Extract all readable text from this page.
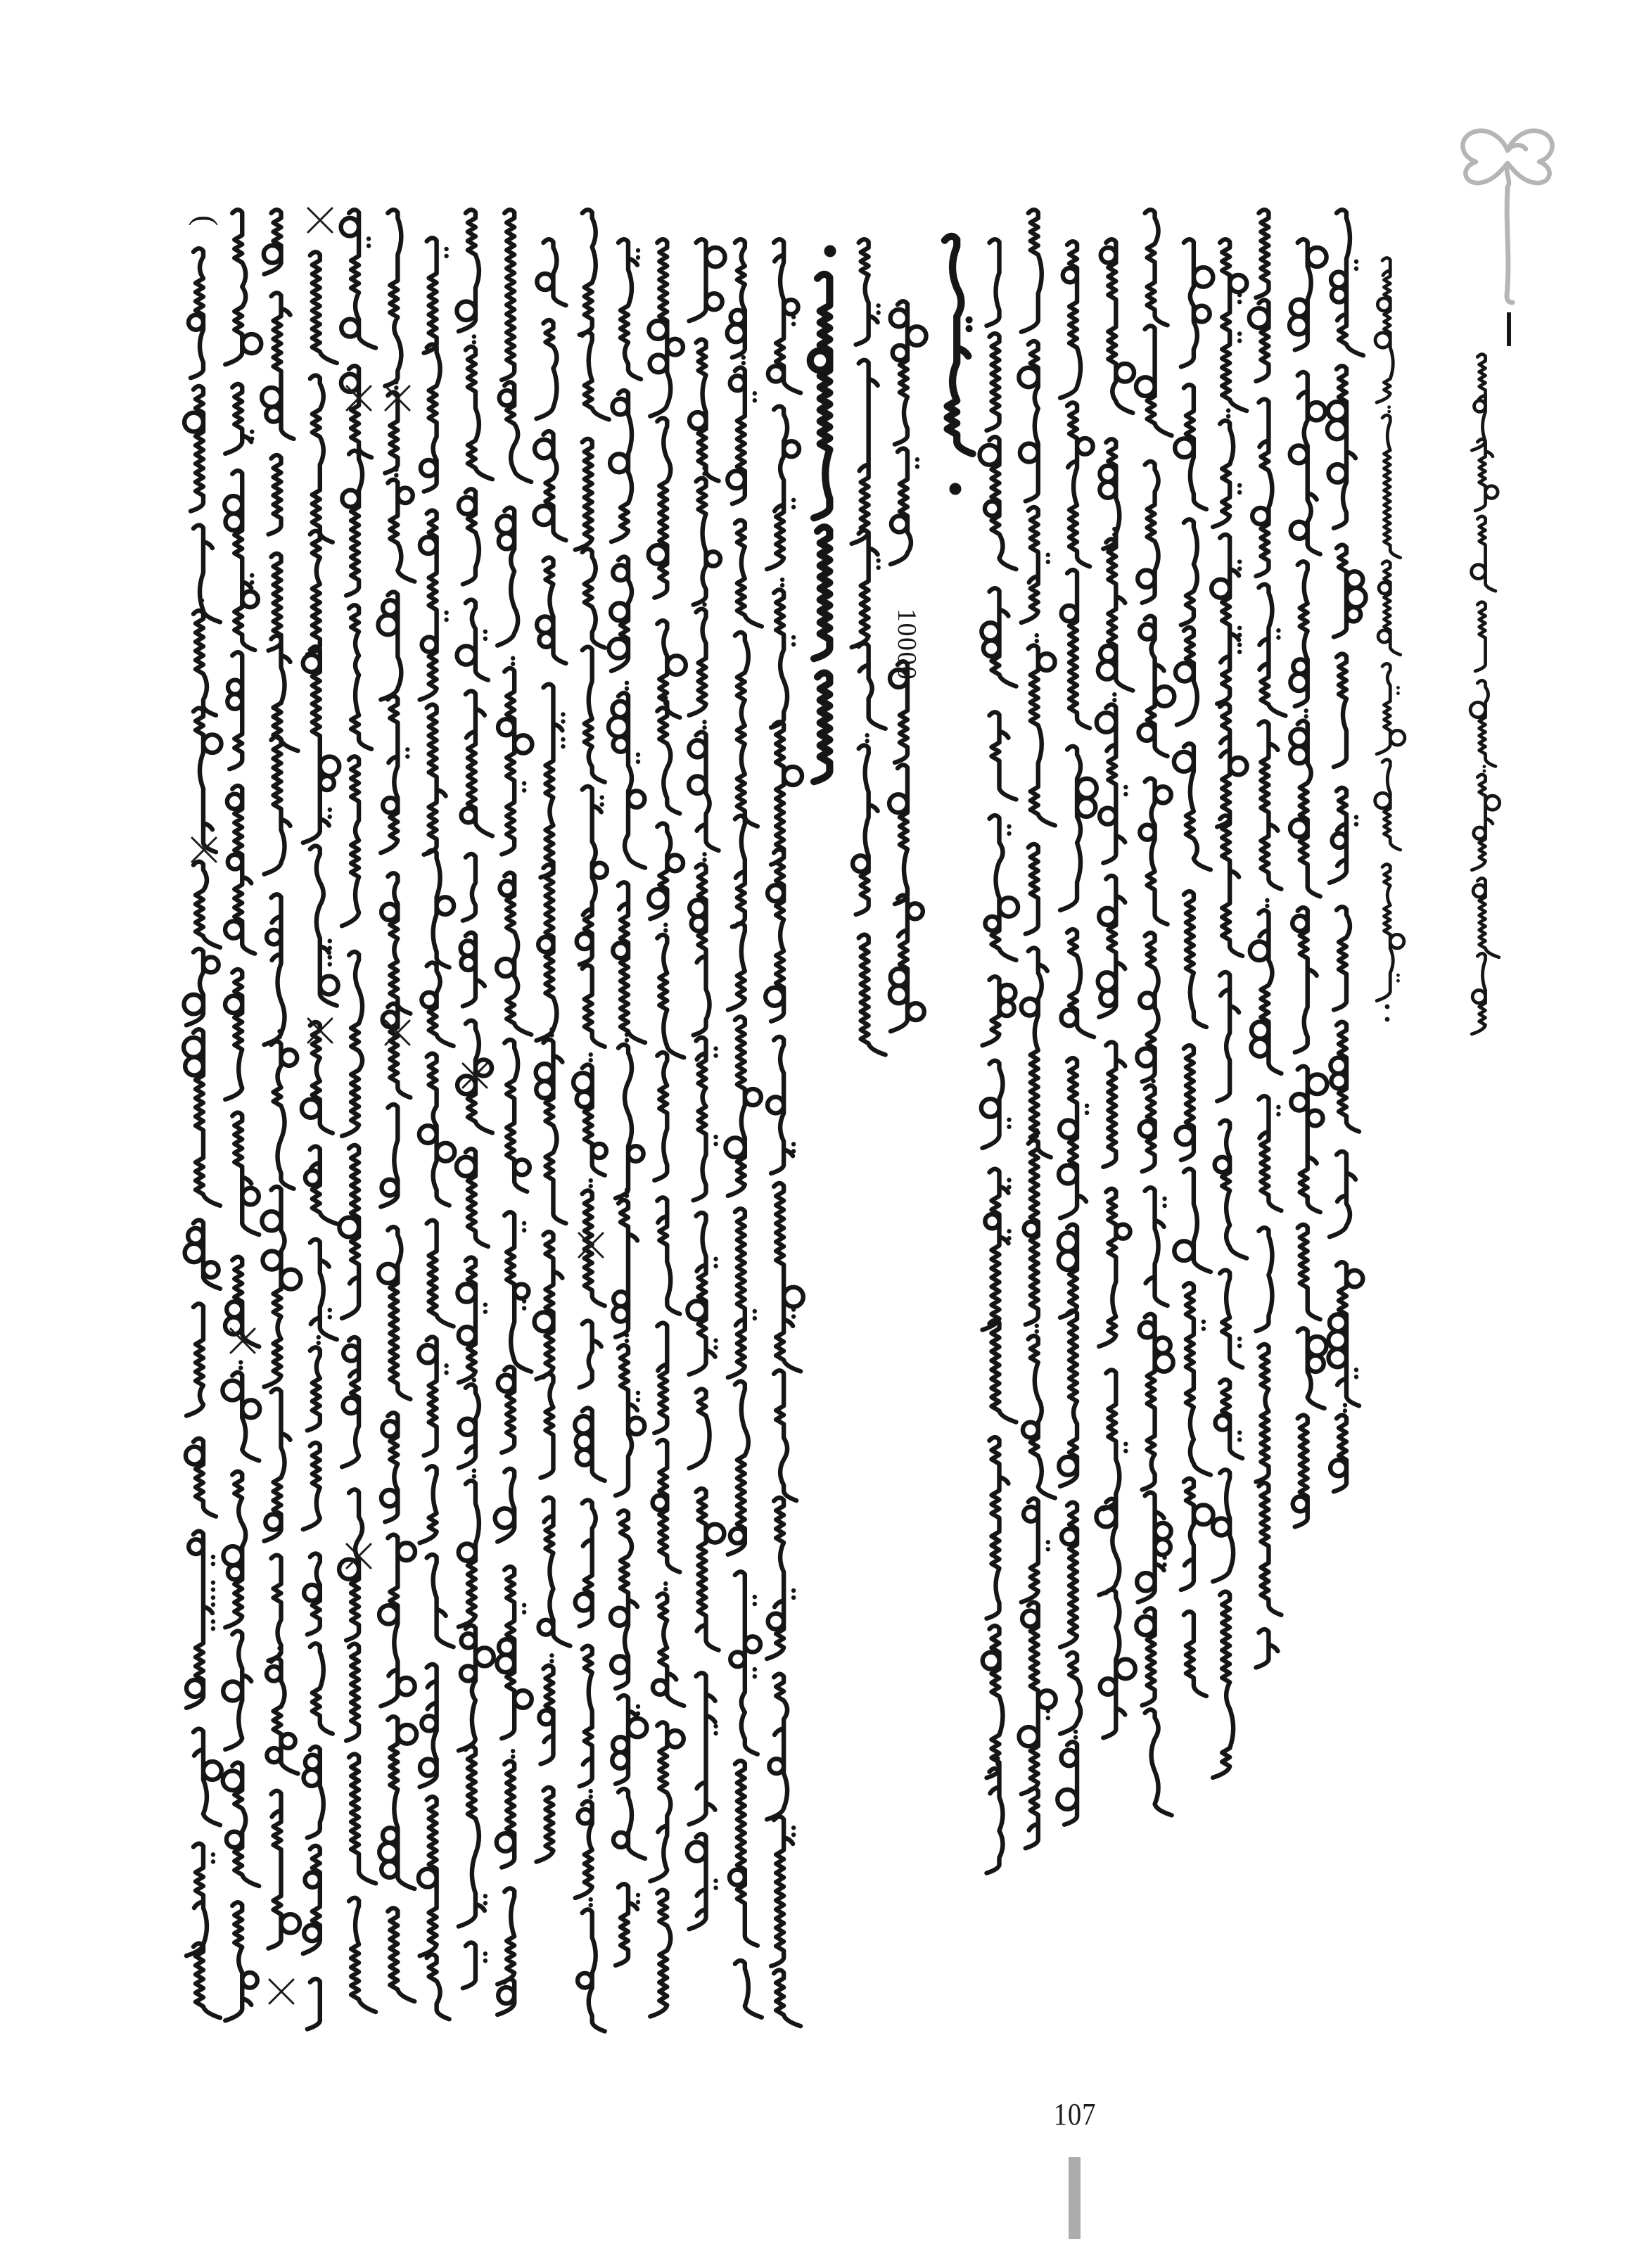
10000
(
107
